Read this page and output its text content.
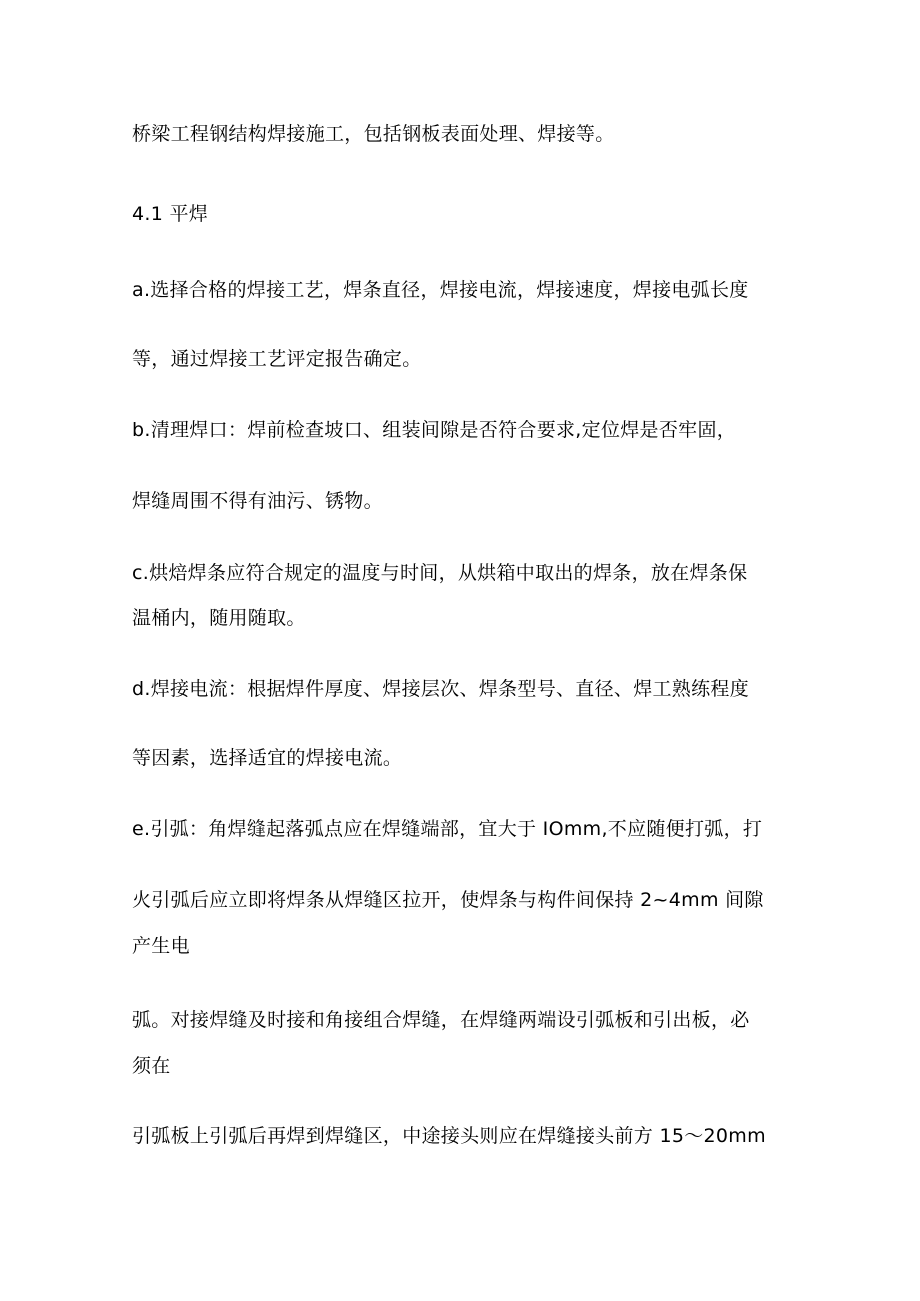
桥梁工程钢结构焊接施工，包括钢板表面处理、焊接等。
4.1 平焊
a.选择合格的焊接工艺，焊条直径，焊接电流，焊接速度，焊接电弧长度
等，通过焊接工艺评定报告确定。
b.清理焊口：焊前检查坡口、组装间隙是否符合要求,定位焊是否牢固，
焊缝周围不得有油污、锈物。
c.烘焙焊条应符合规定的温度与时间，从烘箱中取出的焊条，放在焊条保
温桶内，随用随取。
d.焊接电流：根据焊件厚度、焊接层次、焊条型号、直径、焊工熟练程度
等因素，选择适宜的焊接电流。
e.引弧：角焊缝起落弧点应在焊缝端部，宜大于 IOmm,不应随便打弧，打
火引弧后应立即将焊条从焊缝区拉开，使焊条与构件间保持 2~4mm 间隙
产生电
弧。对接焊缝及时接和角接组合焊缝，在焊缝两端设引弧板和引出板，必
须在
引弧板上引弧后再焊到焊缝区，中途接头则应在焊缝接头前方 15～20mm
